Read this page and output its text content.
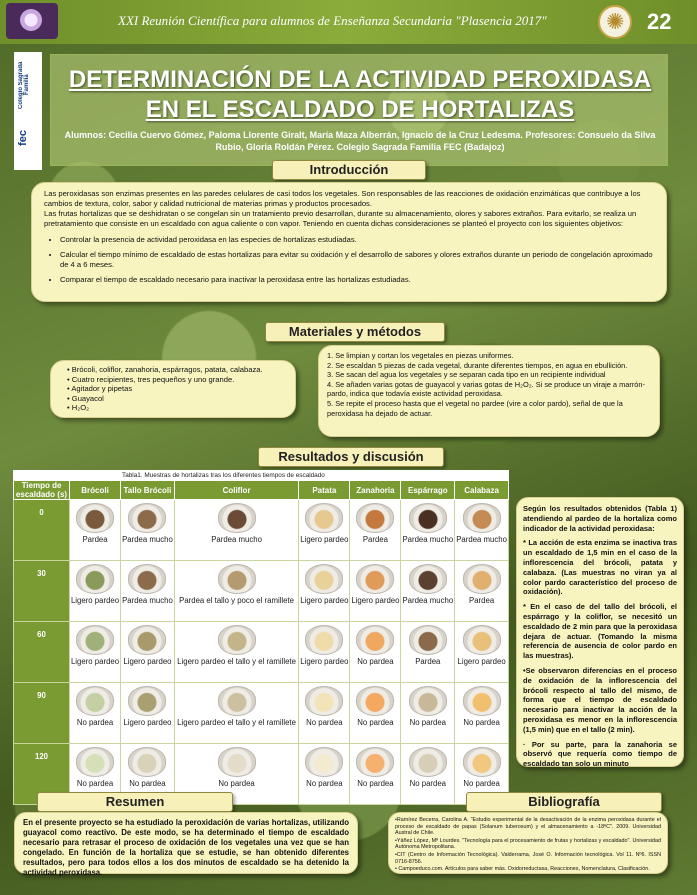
XXI Reunión Científica para alumnos de Enseñanza Secundaria "Plasencia 2017" ✺	22
Colegio Sagrada Familia
fec
DETERMINACIÓN DE LA ACTIVIDAD PEROXIDASA
EN EL ESCALDADO DE HORTALIZAS
Alumnos: Cecilia Cuervo Gómez, Paloma Llorente Giralt, María Maza Alberrán, Ignacio de la Cruz Ledesma. Profesores: Consuelo da Silva Rubio, Gloria Roldán Pérez. Colegio Sagrada Familia FEC (Badajoz)
Introducción

Las peroxidasas son enzimas presentes en las paredes celulares de casi todos los vegetales. Son responsables de las reacciones de oxidación enzimáticas que contribuye a los cambios de textura, color, sabor y calidad nutricional de materias primas y productos procesados.

Las frutas hortalizas que se deshidratan o se congelan sin un tratamiento previo desarrollan, durante su almacenamiento, olores y sabores extraños. Para evitarlo, se realiza un pretratamiento que consiste en un escaldado con agua caliente o con vapor. Teniendo en cuenta dichas consideraciones se planteó el proyecto con los siguientes objetivos:

• Controlar la presencia de actividad peroxidasa en las especies de hortalizas estudiadas.
• Calcular el tiempo mínimo de escaldado de estas hortalizas para evitar su oxidación y el desarrollo de sabores y olores extraños durante un periodo de congelación aproximado de 4 a 6 meses.
• Comparar el tiempo de escaldado necesario para inactivar la peroxidasa entre las hortalizas estudiadas.
Materiales y métodos
• Brócoli, coliflor, zanahoria, espárragos, patata, calabaza.
• Cuatro recipientes, tres pequeños y uno grande.
• Agitador y pipetas
• Guayacol
• H₂O₂

1. Se limpian y cortan los vegetales en piezas uniformes.

2. Se escaldan 5 piezas de cada vegetal, durante diferentes tiempos, en agua en ebullición.

3. Se sacan del agua los vegetales y se separan cada tipo en un recipiente individual

4. Se añaden varias gotas de guayacol y varias gotas de H₂O₂. Si se produce un viraje a marrón-pardo, indica que todavía existe actividad peroxidasa.

5. Se repite el proceso hasta que el vegetal no pardee (vire a color pardo), señal de que la peroxidasa ha dejado de actuar.

Resultados y discusión
Tabla1. Muestras de hortalizas tras los diferentes tiempos de escaldado
Tiempo de escaldado (s)	Brócoli	Tallo Brócoli	Coliflor	Patata	Zanahoria	Espárrago	Calabaza
0	Pardea	Pardea mucho	Pardea mucho	Ligero pardeo	Pardea	Pardea mucho	Pardea mucho

30	Ligero pardeo	Pardea mucho	Pardea el tallo y poco el ramillete	Ligero pardeo	Ligero pardeo	Pardea mucho	Pardea

60	Ligero pardeo	Ligero pardeo	Ligero pardeo el tallo y el ramillete	Ligero pardeo	No pardea	Pardea	Ligero pardeo

90	No pardea	Ligero pardeo	Ligero pardeo el tallo y el ramillete	No pardea	No pardea	No pardea	No pardea

120	No pardea	No pardea	No pardea	No pardea	No pardea	No pardea	No pardea

Según los resultados obtenidos (Tabla 1) atendiendo al pardeo de la hortaliza como indicador de la actividad peroxidasa:

* La acción de esta enzima se inactiva tras un escaldado de 1,5 min en el caso de la inflorescencia del brócoli, patata y calabaza. (Las muestras no viran ya al color pardo característico del proceso de oxidación).

* En el caso de del tallo del brócoli, el espárrago y la coliflor, se necesitó un escaldado de 2 min para que la peroxidasa dejara de actuar. (Tomando la misma referencia de ausencia de color pardo en las muestras).

•Se observaron diferencias en el proceso de oxidación de la inflorescencia del brócoli respecto al tallo del mismo, de forma que el tiempo de escaldado necesario para inactivar la acción de la peroxidasa es menor en la inflorescencia (1,5 min) que en el tallo (2 min).

· Por su parte, para la zanahoria se observó que requería como tiempo de escaldado tan solo un minuto

Resumen

En el presente proyecto se ha estudiado la peroxidación de varias hortalizas, utilizando guayacol como reactivo. De este modo, se ha determinado el tiempo de escaldado necesario para retrasar el proceso de oxidación de los vegetales una vez que se han congelado. En función de la hortaliza que se estudie, se han obtenido diferentes resultados, pero para todos ellos a los dos minutos de escaldado se ha detenido la actividad peroxidasa.

Bibliografía

•Ramírez Becerra, Carolina A. "Estudio experimental de la desactivación de la enzima peroxidasa durante el proceso de escaldado de papas (Solanum tuberosum) y el almacenamiento a -18ºC". 2009. Universidad Austral de Chile.

•Yáñez López, Mª Lourdes. "Tecnología para el procesamiento de frutas y hortalizas y escaldado". Universidad Autónoma Metropolitana.

•CIT (Centro de Información Tecnológica). Valderrama, José O. Información tecnológica. Vol 11. Nº6. ISSN 0716-8756.

• Campoeduco.com. Artículos para saber más. Oxidorreductasa, Reacciones, Nomenclatura, Clasificación.
